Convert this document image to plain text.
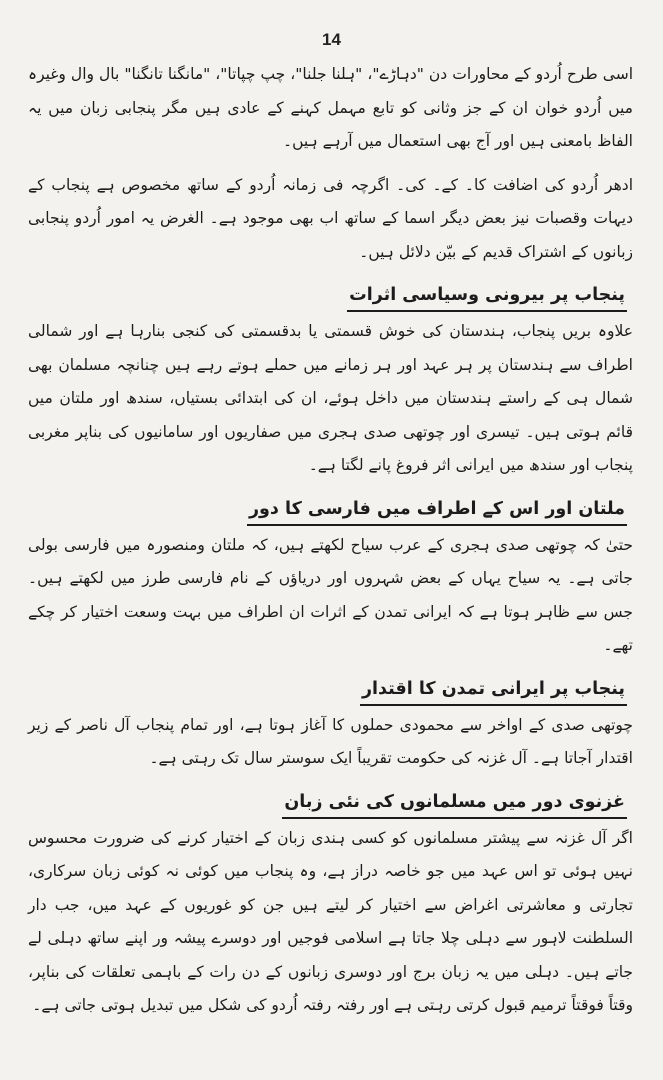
14

اسی طرح اُردو کے محاورات دن "دہاڑے"، "ہلنا جلنا"، چپ چپاتا"، "مانگنا تانگنا" بال وال وغیرہ میں اُردو خوان ان کے جز وثانی کو تابع مہمل کہنے کے عادی ہیں مگر پنجابی زبان میں یہ الفاظ بامعنی ہیں اور آج بھی استعمال میں آرہے ہیں۔

ادھر اُردو کی اضافت کا۔ کے۔ کی۔ اگرچہ فی زمانہ اُردو کے ساتھ مخصوص ہے پنجاب کے دیہات وقصبات نیز بعض دیگر اسما کے ساتھ اب بھی موجود ہے۔ الغرض یہ امور اُردو پنجابی زبانوں کے اشتراک قدیم کے بیّن دلائل ہیں۔

پنجاب پر بیرونی وسیاسی اثرات

علاوہ بریں پنجاب، ہندستان کی خوش قسمتی یا بدقسمتی کی کنجی بنارہا ہے اور شمالی اطراف سے ہندستان پر ہر عہد اور ہر زمانے میں حملے ہوتے رہے ہیں چنانچہ مسلمان بھی شمال ہی کے راستے ہندستان میں داخل ہوئے، ان کی ابتدائی بستیاں، سندھ اور ملتان میں قائم ہوتی ہیں۔ تیسری اور چوتھی صدی ہجری میں صفاریوں اور سامانیوں کی بناپر مغربی پنجاب اور سندھ میں ایرانی اثر فروغ پانے لگتا ہے۔

ملتان اور اس کے اطراف میں فارسی کا دور

حتیٰ کہ چوتھی صدی ہجری کے عرب سیاح لکھتے ہیں، کہ ملتان ومنصورہ میں فارسی بولی جاتی ہے۔ یہ سیاح یہاں کے بعض شہروں اور دریاؤں کے نام فارسی طرز میں لکھتے ہیں۔ جس سے ظاہر ہوتا ہے کہ ایرانی تمدن کے اثرات ان اطراف میں بہت وسعت اختیار کر چکے تھے۔

پنجاب پر ایرانی تمدن کا اقتدار

چوتھی صدی کے اواخر سے محمودی حملوں کا آغاز ہوتا ہے، اور تمام پنجاب آل ناصر کے زیر اقتدار آجاتا ہے۔ آل غزنہ کی حکومت تقریباً ایک سوستر سال تک رہتی ہے۔

غزنوی دور میں مسلمانوں کی نئی زبان

اگر آل غزنہ سے پیشتر مسلمانوں کو کسی ہندی زبان کے اختیار کرنے کی ضرورت محسوس نہیں ہوئی تو اس عہد میں جو خاصہ دراز ہے، وہ پنجاب میں کوئی نہ کوئی زبان سرکاری، تجارتی و معاشرتی اغراض سے اختیار کر لیتے ہیں جن کو غوریوں کے عہد میں، جب دار السلطنت لاہور سے دہلی چلا جاتا ہے اسلامی فوجیں اور دوسرے پیشہ ور اپنے ساتھ دہلی لے جاتے ہیں۔ دہلی میں یہ زبان برج اور دوسری زبانوں کے دن رات کے باہمی تعلقات کی بناپر، وقتاً فوقتاً ترمیم قبول کرتی رہتی ہے اور رفتہ رفتہ اُردو کی شکل میں تبدیل ہوتی جاتی ہے۔
